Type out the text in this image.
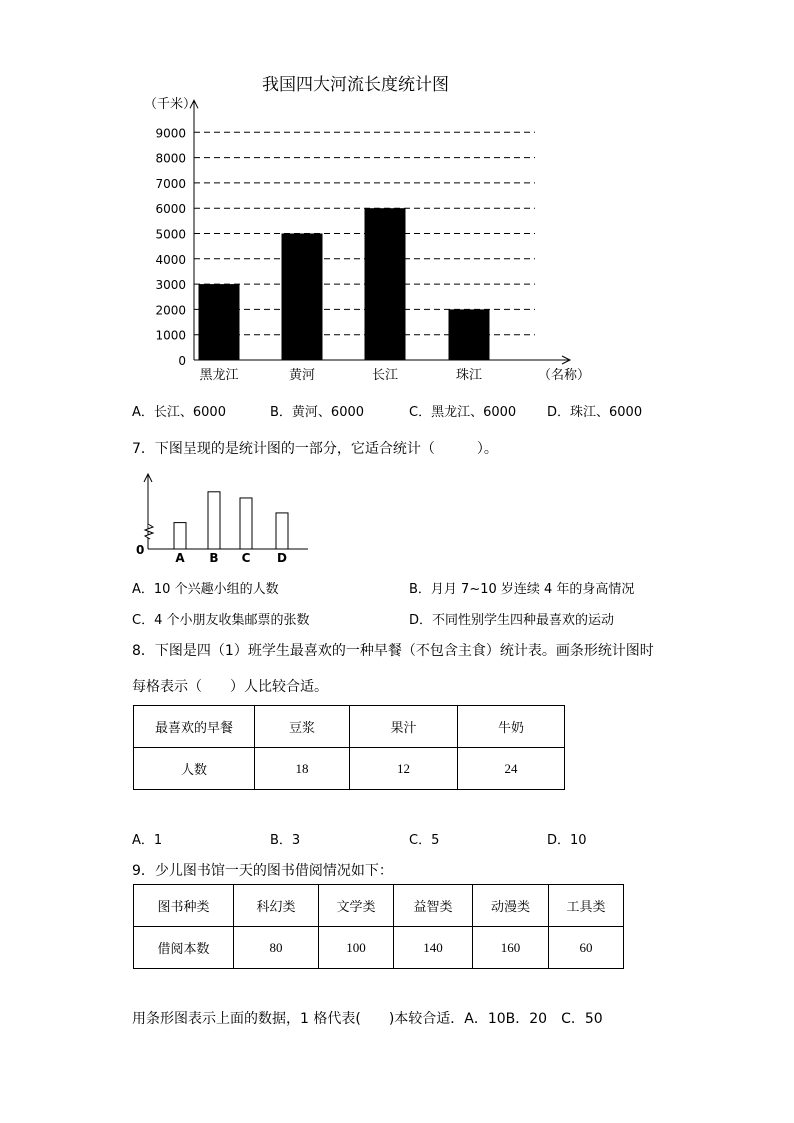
我国四大河流长度统计图
0
1000
2000
3000
4000
5000
6000
7000
8000
9000
（千米）
（名称）
黑龙江	黄河	长江	珠江
A．长江、6000	B．黄河、6000	C．黑龙江、6000 D．珠江、6000
7．下图呈现的是统计图的一部分，它适合统计（　　　）。
0
A B C D
A．10 个兴趣小组的人数	B．月月 7~10 岁连续 4 年的身高情况
C．4 个小朋友收集邮票的张数	D．不同性别学生四种最喜欢的运动
8．下图是四（1）班学生最喜欢的一种早餐（不包含主食）统计表。画条形统计图时
每格表示（　　）人比较合适。
最喜欢的早餐	豆浆	果汁	牛奶
人数	18	12	24
A．1	B．3	C．5	D．10
9．少儿图书馆一天的图书借阅情况如下：
图书种类	科幻类	文学类	益智类	动漫类	工具类
借阅本数	80	100	140	160	60
用条形图表示上面的数据，1 格代表(　　)本较合适．A．10B．20　C．50
